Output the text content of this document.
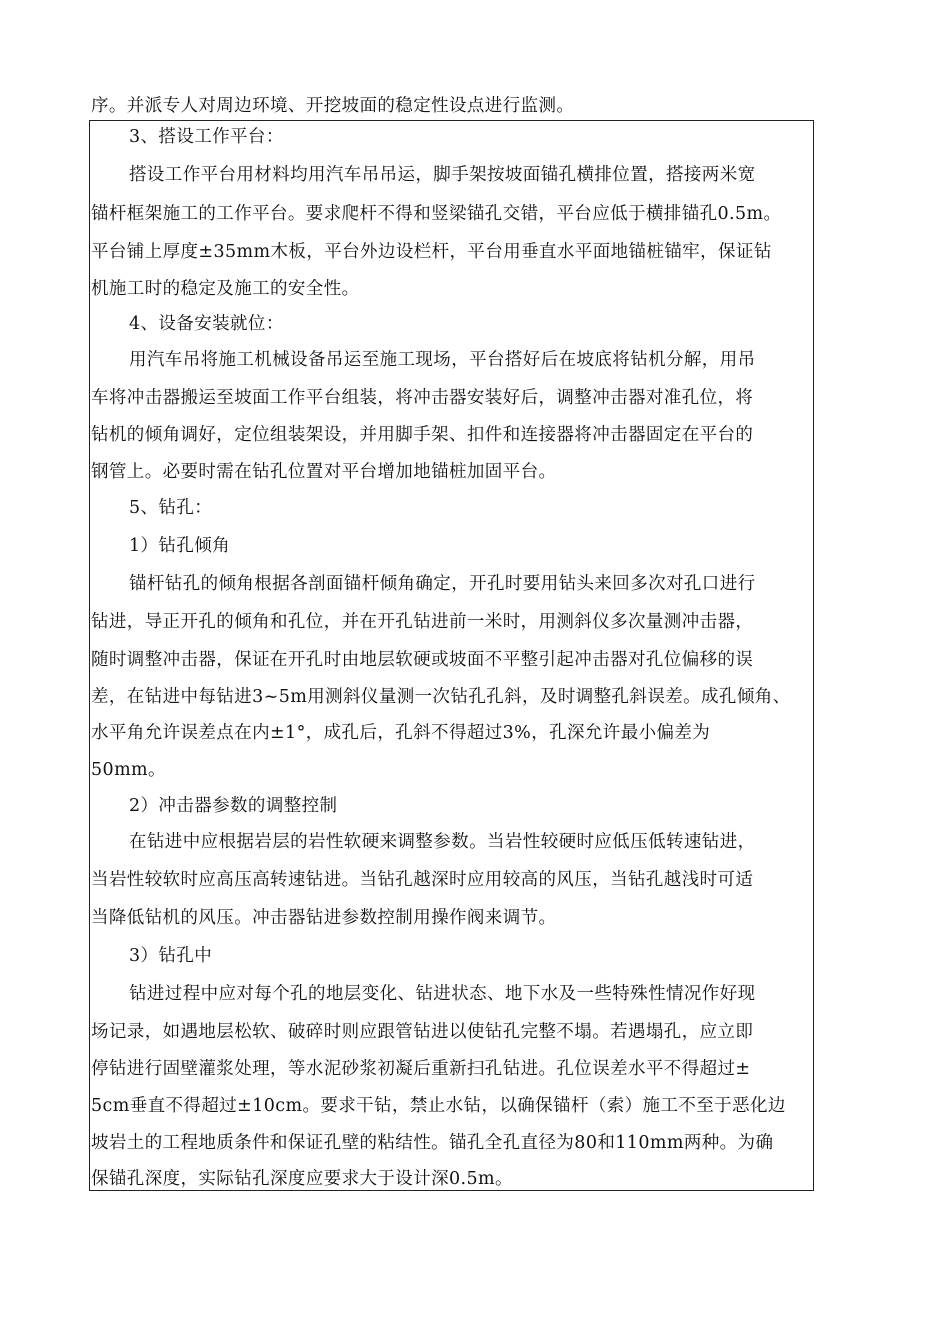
序。并派专人对周边环境、开挖坡面的稳定性设点进行监测。
3、搭设工作平台：
搭设工作平台用材料均用汽车吊吊运，脚手架按坡面锚孔横排位置，搭接两米宽
锚杆框架施工的工作平台。要求爬杆不得和竖梁锚孔交错，平台应低于横排锚孔0.5m。
平台铺上厚度±35mm木板，平台外边设栏杆，平台用垂直水平面地锚桩锚牢，保证钻
机施工时的稳定及施工的安全性。
4、设备安装就位：
用汽车吊将施工机械设备吊运至施工现场，平台搭好后在坡底将钻机分解，用吊
车将冲击器搬运至坡面工作平台组装，将冲击器安装好后，调整冲击器对准孔位，将
钻机的倾角调好，定位组装架设，并用脚手架、扣件和连接器将冲击器固定在平台的
钢管上。必要时需在钻孔位置对平台增加地锚桩加固平台。
5、钻孔：
1）钻孔倾角
锚杆钻孔的倾角根据各剖面锚杆倾角确定，开孔时要用钻头来回多次对孔口进行
钻进，导正开孔的倾角和孔位，并在开孔钻进前一米时，用测斜仪多次量测冲击器，
随时调整冲击器，保证在开孔时由地层软硬或坡面不平整引起冲击器对孔位偏移的误
差，在钻进中每钻进3~5m用测斜仪量测一次钻孔孔斜，及时调整孔斜误差。成孔倾角、
水平角允许误差点在内±1°，成孔后，孔斜不得超过3%，孔深允许最小偏差为
50mm。
2）冲击器参数的调整控制
在钻进中应根据岩层的岩性软硬来调整参数。当岩性较硬时应低压低转速钻进，
当岩性较软时应高压高转速钻进。当钻孔越深时应用较高的风压，当钻孔越浅时可适
当降低钻机的风压。冲击器钻进参数控制用操作阀来调节。
3）钻孔中
钻进过程中应对每个孔的地层变化、钻进状态、地下水及一些特殊性情况作好现
场记录，如遇地层松软、破碎时则应跟管钻进以使钻孔完整不塌。若遇塌孔，应立即
停钻进行固壁灌浆处理，等水泥砂浆初凝后重新扫孔钻进。孔位误差水平不得超过±
5cm垂直不得超过±10cm。要求干钻，禁止水钻，以确保锚杆（索）施工不至于恶化边
坡岩土的工程地质条件和保证孔壁的粘结性。锚孔全孔直径为80和110mm两种。为确
保锚孔深度，实际钻孔深度应要求大于设计深0.5m。
